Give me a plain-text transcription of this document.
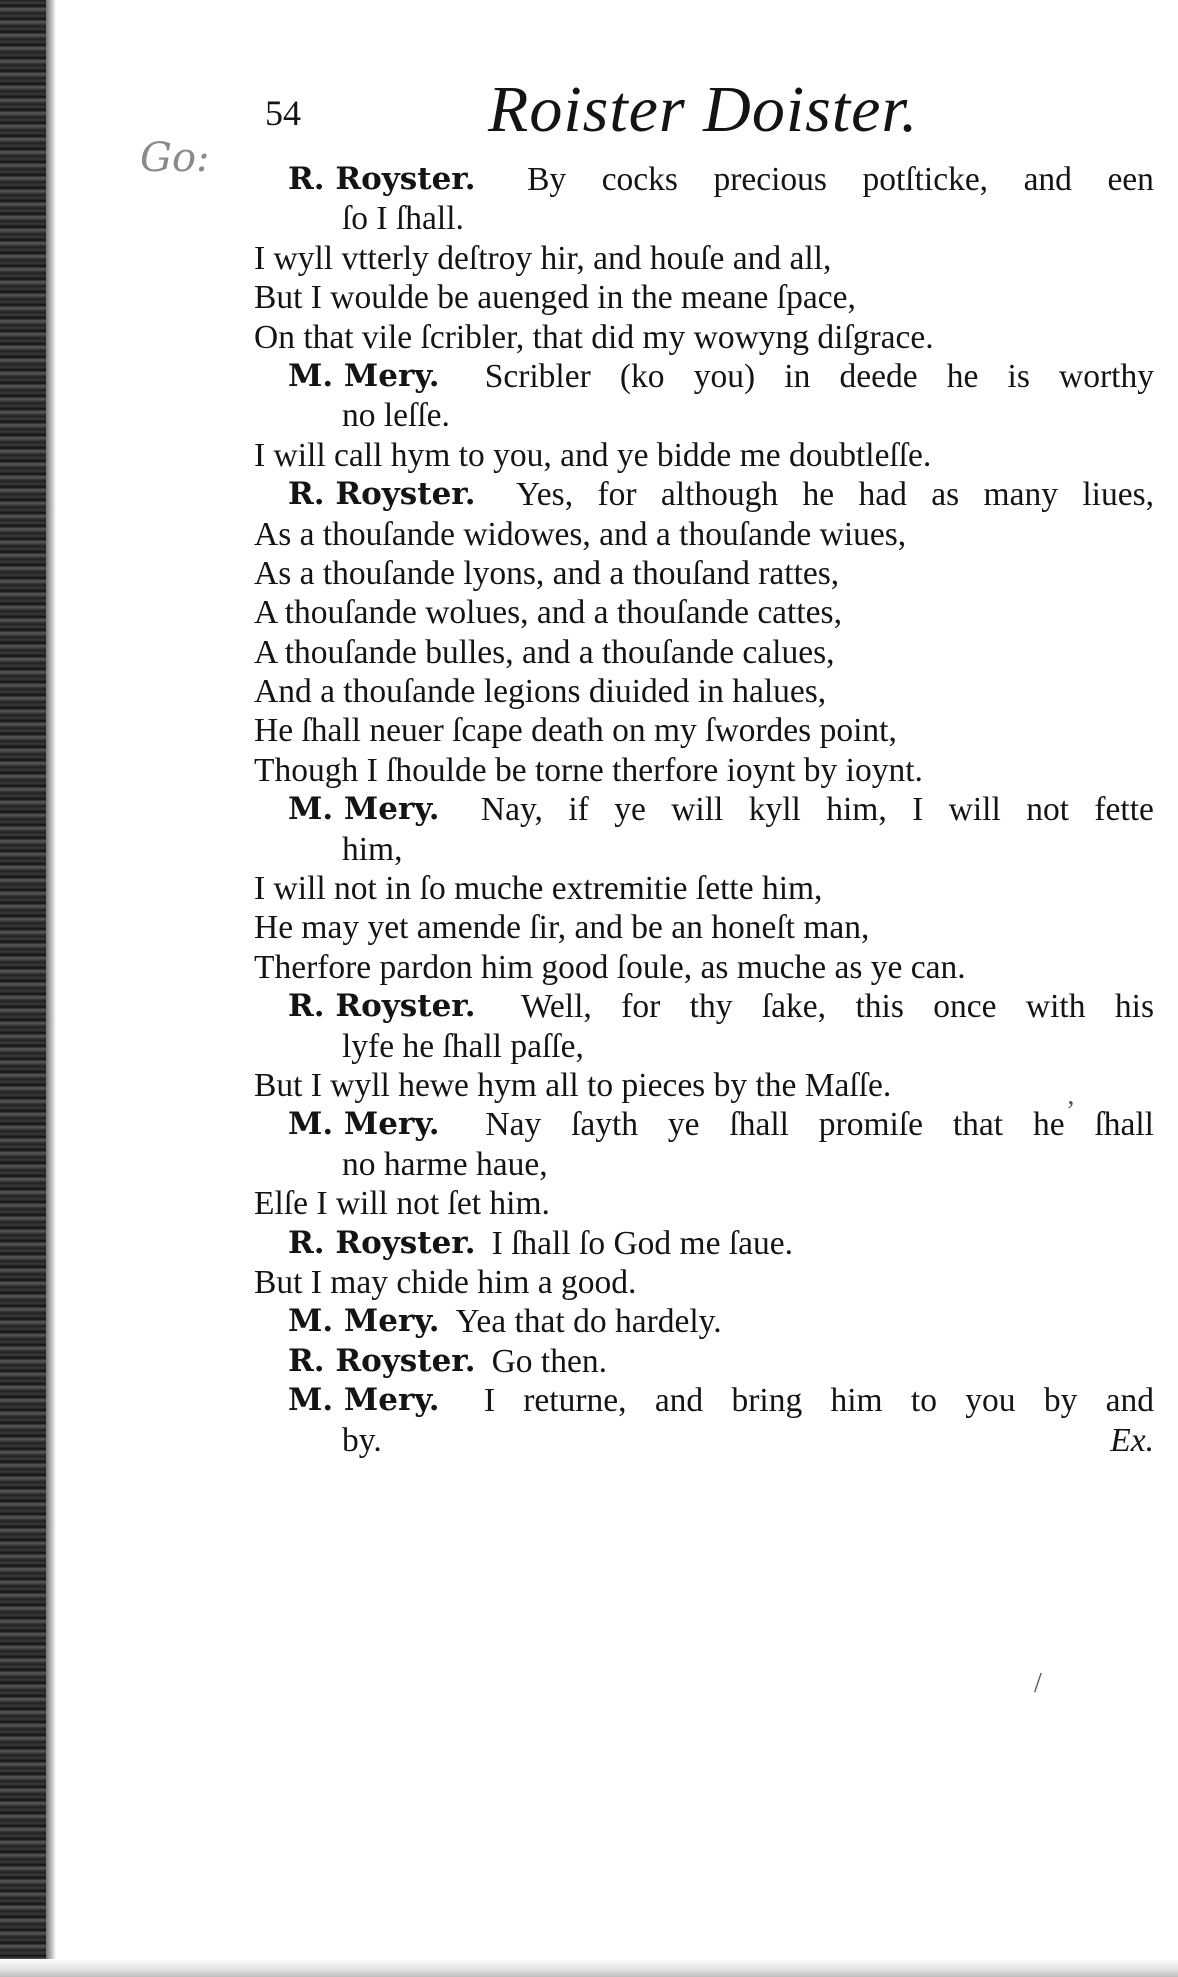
Go:
54	Roister Doister.
R. Royster. By cocks precious potſticke, and een
ſo I ſhall.
I wyll vtterly deſtroy hir, and houſe and all,
But I woulde be auenged in the meane ſpace,
On that vile ſcribler, that did my wowyng diſgrace.
M. Mery. Scribler (ko you) in deede he is worthy
no leſſe.
I will call hym to you, and ye bidde me doubtleſſe.
R. Royster. Yes, for although he had as many liues,
As a thouſande widowes, and a thouſande wiues,
As a thouſande lyons, and a thouſand rattes,
A thouſande wolues, and a thouſande cattes,
A thouſande bulles, and a thouſande calues,
And a thouſande legions diuided in halues,
He ſhall neuer ſcape death on my ſwordes point,
Though I ſhoulde be torne therfore ioynt by ioynt.
M. Mery. Nay, if ye will kyll him, I will not fette
him,
I will not in ſo muche extremitie ſette him,
He may yet amende ſir, and be an honeſt man,
Therfore pardon him good ſoule, as muche as ye can.
R. Royster. Well, for thy ſake, this once with his
lyfe he ſhall paſſe,
But I wyll hewe hym all to pieces by the Maſſe.
M. Mery. Nay ſayth ye ſhall promiſe that he ſhall
no harme haue,
Elſe I will not ſet him.
R. Royster. I ſhall ſo God me ſaue.
But I may chide him a good.
M. Mery. Yea that do hardely.
R. Royster. Go then.
M. Mery. I returne, and bring him to you by and
by.	Ex.
/
ʼ
